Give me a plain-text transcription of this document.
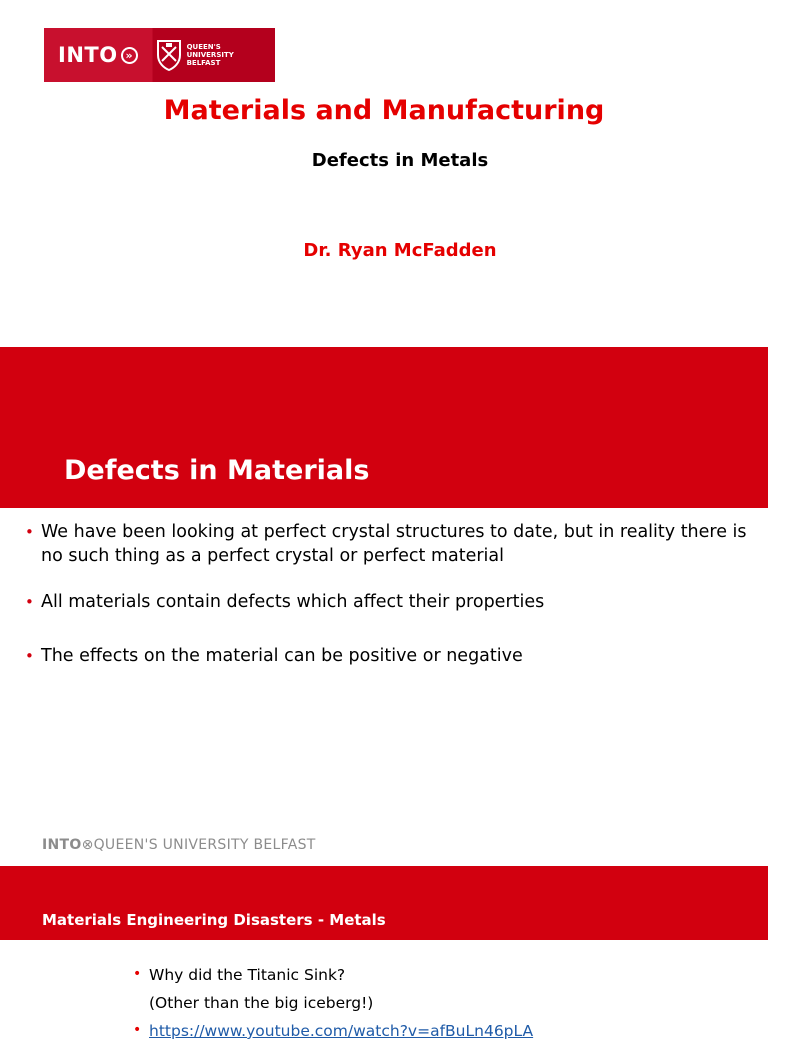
INTO »
QUEEN'S
UNIVERSITY
BELFAST
Materials and Manufacturing
Defects in Metals
Dr. Ryan McFadden
Defects in Materials
• We have been looking at perfect crystal structures to date, but in reality there is no such thing as a perfect crystal or perfect material
• All materials contain defects which affect their properties
• The effects on the material can be positive or negative
INTO⊗QUEEN'S UNIVERSITY BELFAST
Materials Engineering Disasters - Metals
• Why did the Titanic Sink?
(Other than the big iceberg!)
• https://www.youtube.com/watch?v=afBuLn46pLA
